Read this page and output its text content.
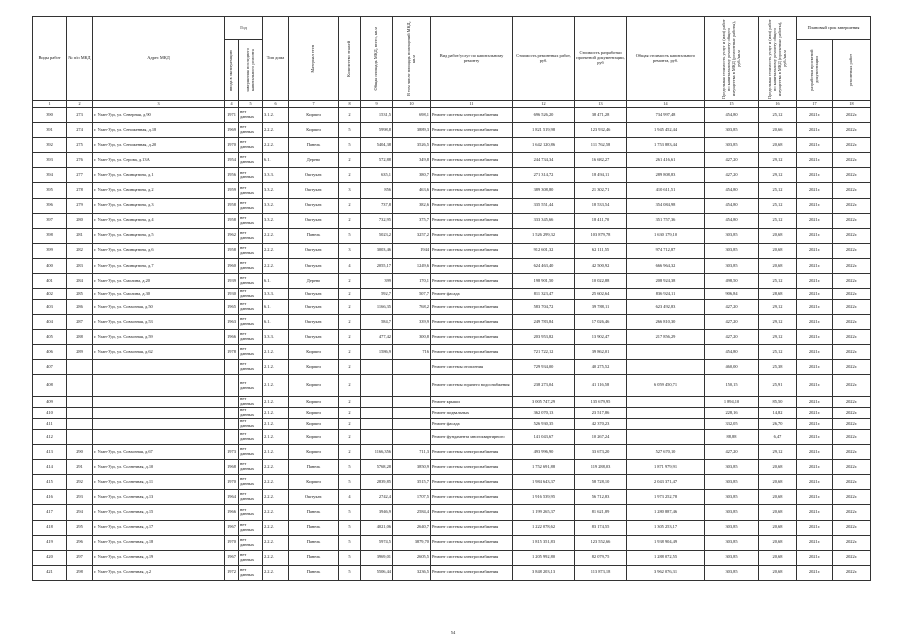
Виды работ	№ п/п МКД	Адрес МКД	Год		Тип дома	Материал стен	Количество этажей	Общая площадь МКД, всего, кв.м	В том числе площадь помещений МКД, кв.м	Вид работ/услуг по капитальному ремонту	Стоимость ремонтных работ, руб.	Стоимость разработки проектной документации, руб	Общая стоимость капитального ремонта, руб.	Предельная стоимость услуг и (или) работ по капитальному ремонту общего имущества в МКД (ремонтные работы), руб./кв.м	Предельная стоимость услуг и (или) работ по капитальному ремонту общего имущества в МКД (проектные работы), руб./кв.м	Плановый срок завершения	

			ввода в эксплуатацию	завершения последнего капитального ремонта												разработки проектной документации	ремонтных работ

1	2	3	4	5	6	7	8	9	10	11	12	13	14	15	16	17	18
390	273	г. Улан-Удэ, ул. Северная, д.90	1971	нет данных	3.1.2.	Кирпич	2	1531,5	698,1	Ремонт системы электроснабжения	696 526,20	38 471,28	734 997,48	454,80	25,12	2021г.	2022г.
391	274	г. Улан-Удэ, ул. Сеноженная, д.18	1969	нет данных	2.2.2.	Кирпич	5	5998,8	3889,3	Ремонт системы электроснабжения	1 821 519,98	123 932,46	1 945 452,44	303,85	20,66	2021г.	2022г.
392	275	г. Улан-Удэ, ул. Сеноженная, д.20	1970	нет данных	2.2.2.	Панель	5	5404,38	3526,5	Ремонт системы электроснабжения	1 642 120,86	111 762,58	1 753 883,44	303,85	20,68	2021г.	2022г.
393	276	г. Улан-Удэ, ул. Серова, д.13А	1954	нет данных	6.1.	Дерево	2	572,88	349,8	Ремонт системы электроснабжения	244 734,34	16 682,27	261 416,61	427,20	29,12	2021г.	2022г.
394	277	г. Улан-Удэ, ул. Свинцатина, д.1	1956	нет данных	3.3.3.	Оштукат.	2	635,1	380,7	Ремонт системы электроснабжения	271 314,72	18 494,11	289 808,83	427,20	29,12	2021г.	2022г.
395	278	г. Улан-Удэ, ул. Свинцатина, д.2	1959	нет данных	3.3.2.	Оштукат.	3	856	463,6	Ремонт системы электроснабжения	389 308,80	21 302,71	410 611,51	454,80	25,12	2021г.	2022г.
396	279	г. Улан-Удэ, ул. Свинцатина, д.3	1958	нет данных	3.3.2.	Оштукат.	2	737,8	382,6	Ремонт системы электроснабжения	335 551,44	18 533,54	354 084,98	454,80	25,12	2021г.	2022г.
397	280	г. Улан-Удэ, ул. Свинцатина, д.4	1958	нет данных	3.3.2.	Оштукат.	2	732,95	375,7	Ремонт системы электроснабжения	333 345,66	18 411,70	351 757,36	454,80	25,12	2021г.	2022г.
398	281	г. Улан-Удэ, ул. Свинцатина, д.5	1962	нет данных	2.2.2.	Панель	5	5023,2	3257,2	Ремонт системы электроснабжения	1 526 299,32	103 879,78	1 630 179,10	303,85	20,68	2021г.	2022г.
399	282	г. Улан-Удэ, ул. Свинцатина, д.6	1958	нет данных	2.2.2.	Оштукат.	3	3003,46	1944	Ремонт системы электроснабжения	912 601,32	62 111,55	974 712,87	303,85	20,68	2021г.	2022г.
400	283	г. Улан-Удэ, ул. Свинцатина, д.7	1960	нет данных	2.2.2.	Оштукат.	4	2055,17	1249,6	Ремонт системы электроснабжения	624 463,40	42 500,92	666 964,32	303,85	20,68	2021г.	2022г.
401	284	г. Улан-Удэ, ул. Смолина, д.20	1939	нет данных	6.1.	Дерево	2	399	170,1	Ремонт системы электроснабжения	198 901,50	10 022,88	208 924,38	498,50	25,12	2021г.	2022г.
402	285	г. Улан-Удэ, ул. Смолина, д.30	1930	нет данных	3.3.3.	Оштукат.	2	592,7	507,7	Ремонт фасада	811 323,47	25 602,64	836 924,11	906,84	28,68	2021г.	2022г.
403	286	г. Улан-Удэ, ул. Совхозная, д.50	1965	нет данных	6.1.	Оштукат.	2	1166,35	768,2	Ремонт системы электроснабжения	583 704,72	39 788,11	623 492,83	427,20	29,12	2021г.	2022г.
404	287	г. Улан-Удэ, ул. Совхозная, д.53	1963	нет данных	6.1.	Оштукат.	2	584,7	339,9	Ремонт системы электроснабжения	249 783,84	17 026,46	266 810,30	427,20	29,12	2021г.	2022г.
405	288	г. Улан-Удэ, ул. Совхозная, д.59	1966	нет данных	3.3.3.	Оштукат.	2	477,42	300,8	Ремонт системы электроснабжения	203 953,82	13 902,47	217 856,29	427,20	29,12	2021г.	2022г.
406	289	г. Улан-Удэ, ул. Совхозная, д.62	1978	нет данных	2.1.2.	Кирпич	2	1586,9	716	Ремонт системы электроснабжения	721 722,12	39 862,01		454,80	25,12	2021г.	2022г.
407				нет данных	2.1.2.	Кирпич	2			Ремонт системы отопления	729 934,00	40 275,52		460,00	25,38	2021г.	2022г.
408				нет данных	2.1.2.	Кирпич	2			Ремонт системы горячего водоснабжения	238 273,04	41 116,58	6 059 450,71	150,15	25,91	2021г.	2022г.
409				нет данных	2.1.2.	Кирпич	2			Ремонт крыши	3 005 747,29	135 679,95		1 894,10	85,50	2021г.	2022г.
410				нет данных	2.1.2.	Кирпич	2			Ремонт подвальных	362 070,13	23 517,86		228,16	14,82	2021г.	2022г.
411				нет данных	2.1.2.	Кирпич	2			Ремонт фасада	526 930,35	42 370,23		332,05	26,70	2021г.	2022г.
412				нет данных	2.1.2.	Кирпич	2			Ремонт фундамента многоквартирного	141 043,67	10 267,24		88,88	6,47	2021г.	2022г.
413	290	г. Улан-Удэ, ул. Совхозная, д.67	1973	нет данных	2.1.2.	Кирпич	2	1166,356	711,3	Ремонт системы электроснабжения	493 996,90	33 673,20	527 670,10	427,20	29,12	2021г.	2022г.
414	291	г. Улан-Удэ, ул. Солнечная, д.10	1968	нет данных	2.2.2.	Панель	5	5768,28	3850,9	Ремонт системы электроснабжения	1 752 691,88	119 288,03	1 871 979,91	303,85	20,68	2021г.	2022г.
415	292	г. Улан-Удэ, ул. Солнечная, д.11	1970	нет данных	2.2.2.	Кирпич	5	2839,85	3515,7	Ремонт системы электроснабжения	1 984 643,37	58 728,10	2 043 371,47	303,85	20,68	2021г.	2022г.
416	293	г. Улан-Удэ, ул. Солнечная, д.13	1964	нет данных	2.2.2.	Оштукат.	4	2742,4	1707,5	Ремонт системы электроснабжения	1 916 539,95	56 712,83	1 973 252,78	303,85	20,68	2021г.	2022г.
417	294	г. Улан-Удэ, ул. Солнечная, д.15	1966	нет данных	2.2.2.	Панель	5	3946,9	2584,4	Ремонт системы электроснабжения	1 199 265,37	81 621,89	1 280 887,46	303,85	20,68	2021г.	2022г.
418	295	г. Улан-Удэ, ул. Солнечная, д.17	1967	нет данных	2.2.2.	Панель	5	4021,06	2640,7	Ремонт системы электроснабжения	1 222 078,62	83 174,55	1 305 253,17	303,85	20,68	2021г.	2022г.
419	296	г. Улан-Удэ, ул. Солнечная, д.18	1970	нет данных	2.2.2.	Панель	5	5974,5	3879,70	Ремонт системы электроснабжения	1 815 351,83	123 552,66	1 938 904,49	303,85	20,68	2021г.	2022г.
420	297	г. Улан-Удэ, ул. Солнечная, д.19	1967	нет данных	2.2.2.	Панель	5	3969,01	2605,5	Ремонт системы электроснабжения	1 205 992,80	82 079,75	1 288 072,55	303,85	20,68	2021г.	2022г.
421	298	г. Улан-Удэ, ул. Солнечная, д.2	1972	нет данных	2.2.2.	Панель	5	5506,44	3236,5	Ремонт системы электроснабжения	3 848 203,13	113 873,18	3 962 076,31	303,85	20,68	2021г.	2022г.
54
